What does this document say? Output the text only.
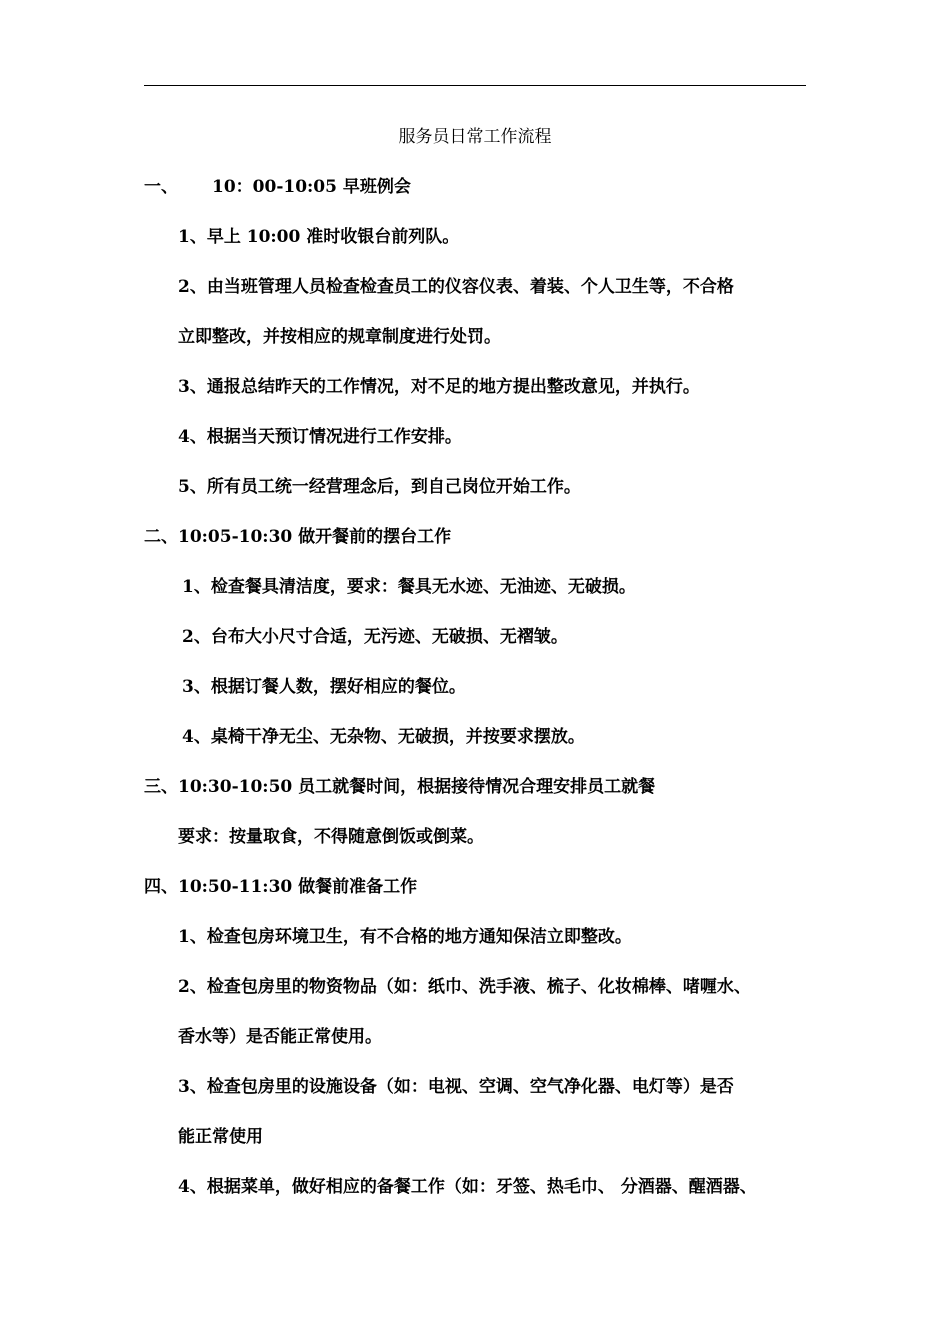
服务员日常工作流程
一、 10：00-10:05 早班例会
1、早上 10:00 准时收银台前列队。
2、由当班管理人员检查检查员工的仪容仪表、着装、个人卫生等，不合格
立即整改，并按相应的规章制度进行处罚。
3、通报总结昨天的工作情况，对不足的地方提出整改意见，并执行。
4、根据当天预订情况进行工作安排。
5、所有员工统一经营理念后，到自己岗位开始工作。
二、10:05-10:30 做开餐前的摆台工作
1、检查餐具清洁度，要求：餐具无水迹、无油迹、无破损。
2、台布大小尺寸合适，无污迹、无破损、无褶皱。
3、根据订餐人数，摆好相应的餐位。
4、桌椅干净无尘、无杂物、无破损，并按要求摆放。
三、10:30-10:50 员工就餐时间，根据接待情况合理安排员工就餐
要求：按量取食，不得随意倒饭或倒菜。
四、10:50-11:30 做餐前准备工作
1、检查包房环境卫生，有不合格的地方通知保洁立即整改。
2、检查包房里的物资物品（如：纸巾、洗手液、梳子、化妆棉棒、啫喱水、
香水等）是否能正常使用。
3、检查包房里的设施设备（如：电视、空调、空气净化器、电灯等）是否
能正常使用
4、根据菜单，做好相应的备餐工作（如：牙签、热毛巾、 分酒器、醒酒器、
